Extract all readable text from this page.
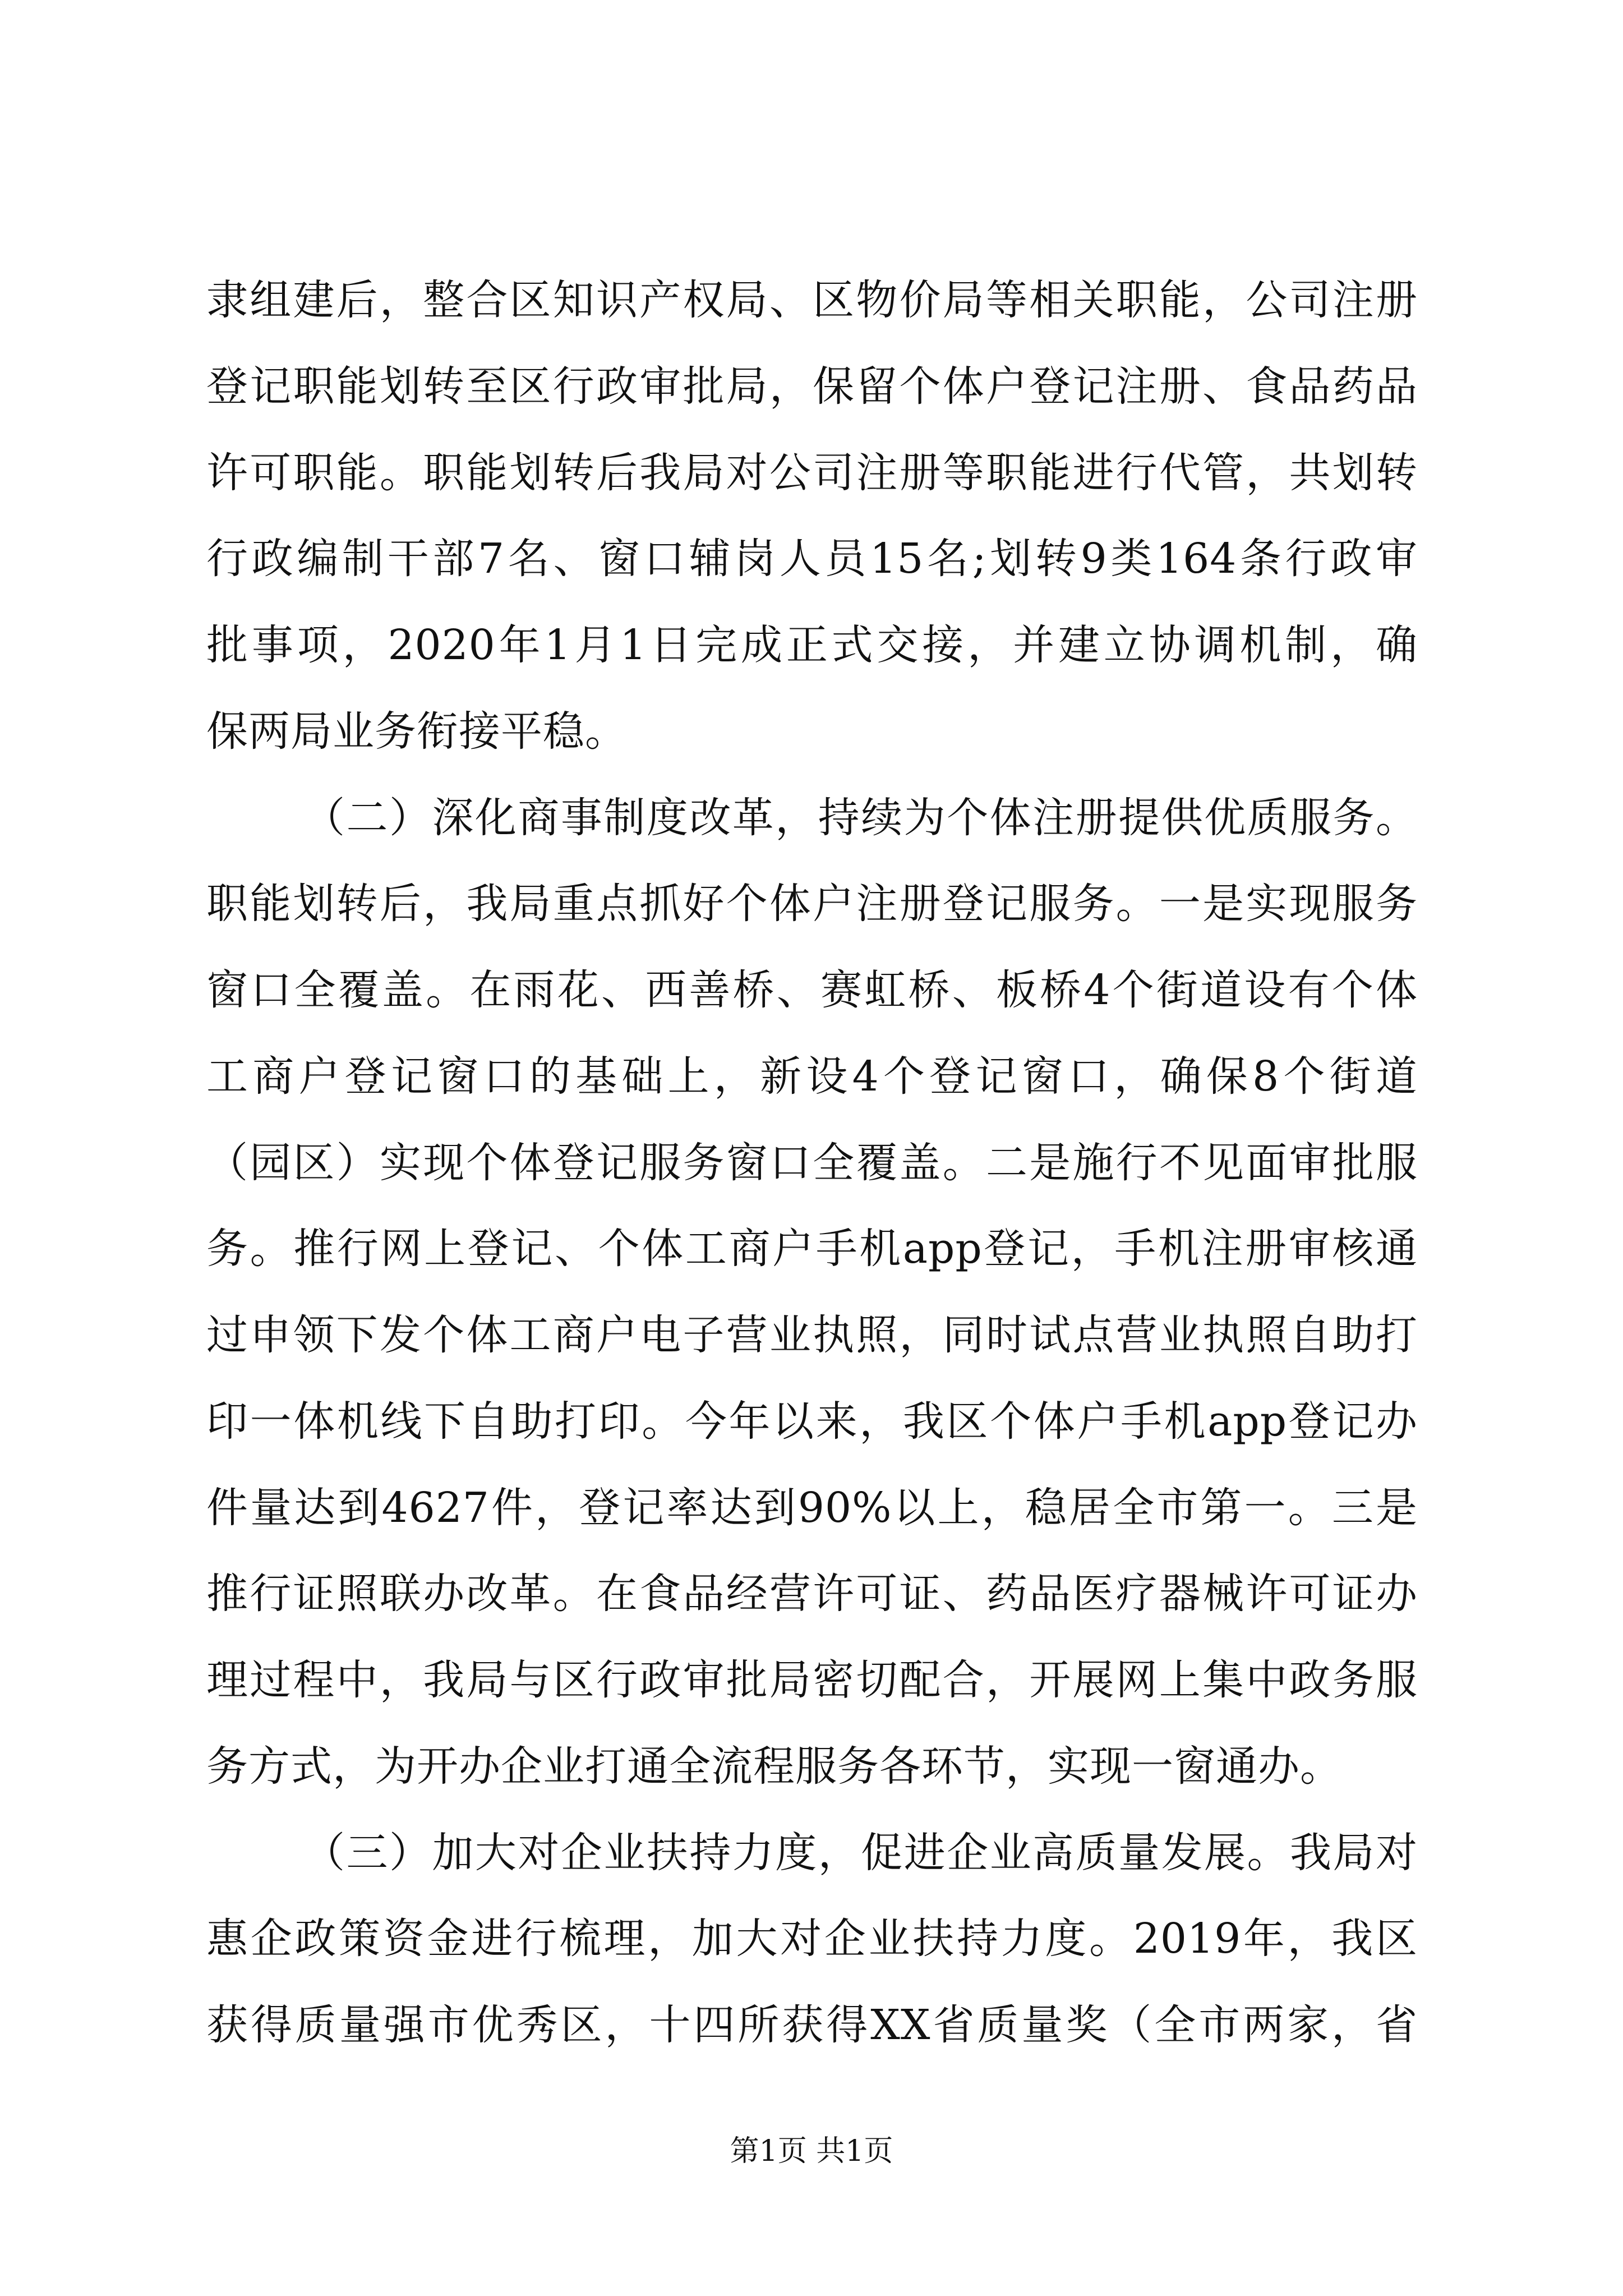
隶组建后，整合区知识产权局、区物价局等相关职能，公司注册
登记职能划转至区行政审批局，保留个体户登记注册、食品药品
许可职能。职能划转后我局对公司注册等职能进行代管，共划转
行政编制干部7名、窗口辅岗人员15名;划转9类164条行政审
批事项，2020年1月1日完成正式交接，并建立协调机制，确
保两局业务衔接平稳。
（二）深化商事制度改革，持续为个体注册提供优质服务。
职能划转后，我局重点抓好个体户注册登记服务。一是实现服务
窗口全覆盖。在雨花、西善桥、赛虹桥、板桥4个街道设有个体
工商户登记窗口的基础上，新设4个登记窗口，确保8个街道
（园区）实现个体登记服务窗口全覆盖。二是施行不见面审批服
务。推行网上登记、个体工商户手机app登记，手机注册审核通
过申领下发个体工商户电子营业执照，同时试点营业执照自助打
印一体机线下自助打印。今年以来，我区个体户手机app登记办
件量达到4627件，登记率达到90%以上，稳居全市第一。三是
推行证照联办改革。在食品经营许可证、药品医疗器械许可证办
理过程中，我局与区行政审批局密切配合，开展网上集中政务服
务方式，为开办企业打通全流程服务各环节，实现一窗通办。
（三）加大对企业扶持力度，促进企业高质量发展。我局对
惠企政策资金进行梳理，加大对企业扶持力度。2019年，我区
获得质量强市优秀区，十四所获得XX省质量奖（全市两家，省
第1页 共1页
